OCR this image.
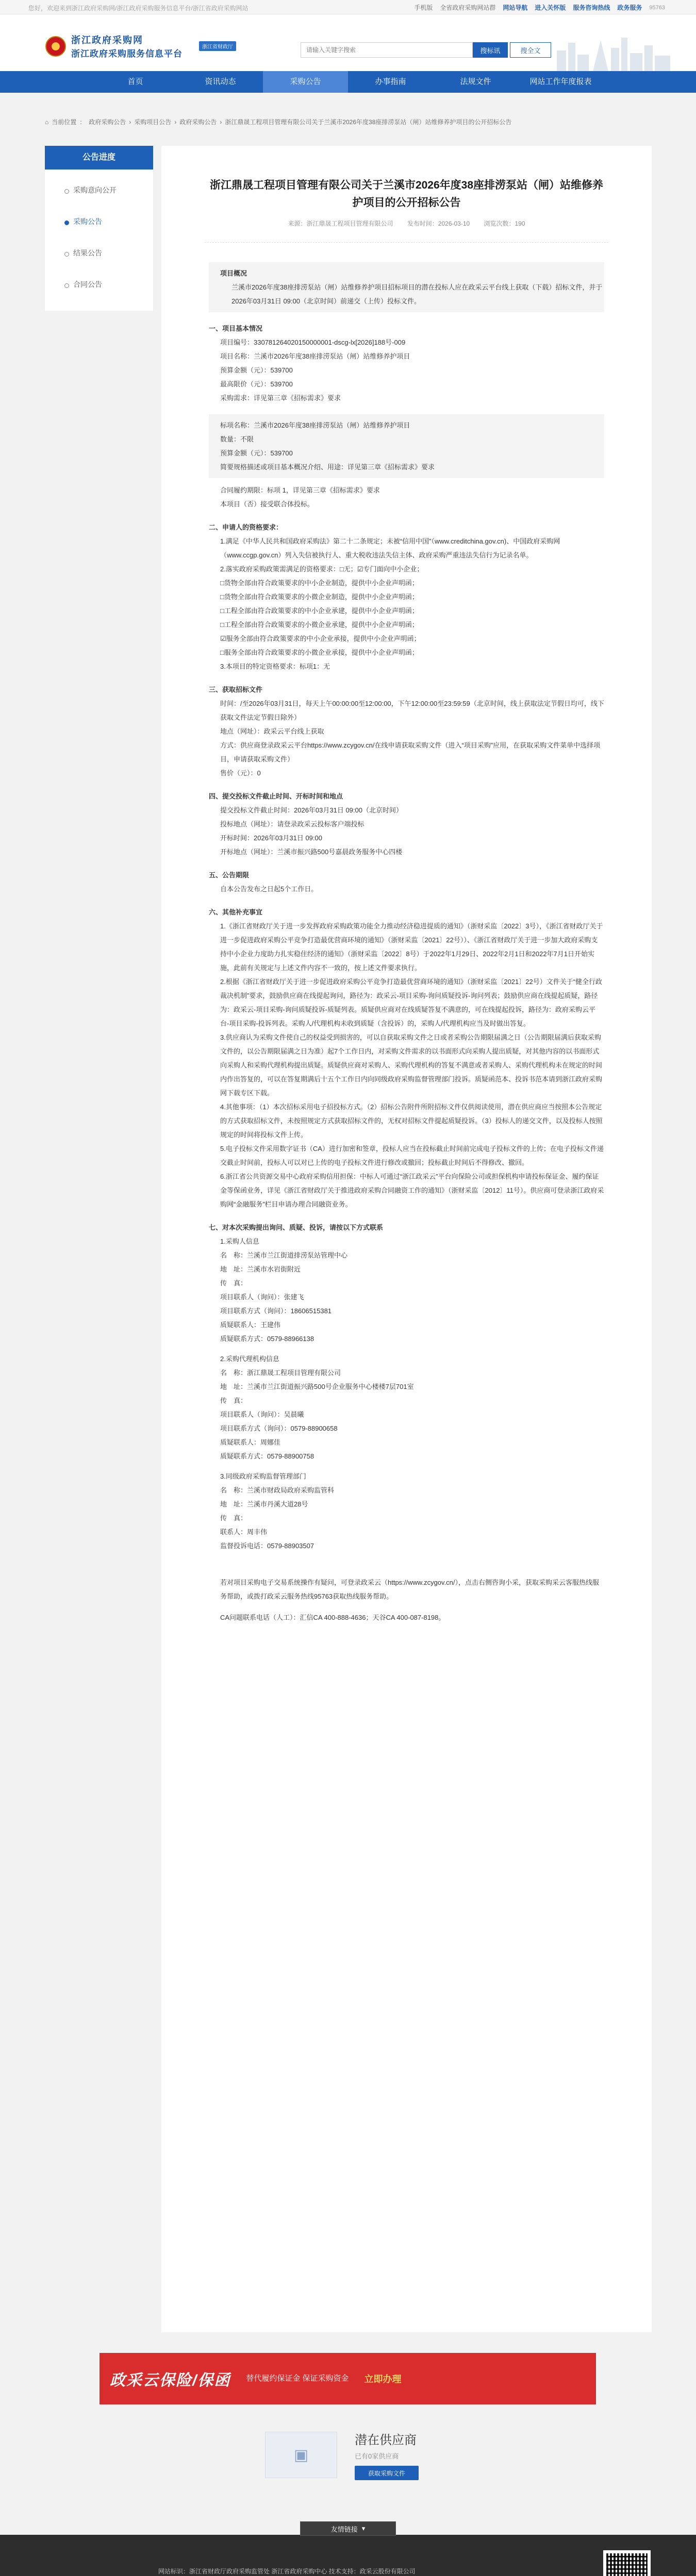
您好，欢迎来到浙江政府采购网/浙江政府采购服务信息平台/浙江省政府采购网站	手机版 全省政府采购网站群 网站导航 进入关怀版 服务咨询热线 政务服务 95763
浙江政府采购网
浙江政府采购服务信息平台
浙江省财政厅
请输入关键字搜索	搜标讯	搜全文
首页	资讯动态	采购公告	办事指南	法规文件	网站工作年度报表
⌂ 当前位置 ： 政府采购公告 › 采购项目公告 › 政府采购公告 › 浙江鼎晟工程项目管理有限公司关于兰溪市2026年度38座排涝泵站（闸）站维修养护项目的公开招标公告
公告进度
采购意向公开
采购公告
结果公告
合同公告
浙江鼎晟工程项目管理有限公司关于兰溪市2026年度38座排涝泵站（闸）站维修养护项目的公开招标公告
来源：浙江鼎晟工程项目管理有限公司 发布时间：2026-03-10 浏览次数：190

项目概况

兰溪市2026年度38座排涝泵站（闸）站维修养护项目招标项目的潜在投标人应在政采云平台线上获取（下载）招标文件，并于2026年03月31日 09:00（北京时间）前递交（上传）投标文件。

一、项目基本情况

项目编号：330781264020150000001-dscg-lx[2026]188号-009

项目名称：兰溪市2026年度38座排涝泵站（闸）站维修养护项目

预算金额（元）：539700

最高限价（元）：539700

采购需求：详见第三章《招标需求》要求

标项名称：兰溪市2026年度38座排涝泵站（闸）站维修养护项目

数量：不限

预算金额（元）：539700

简要规格描述或项目基本概况介绍、用途：详见第三章《招标需求》要求

合同履约期限：标项 1，详见第三章《招标需求》要求

本项目（否）接受联合体投标。

二、申请人的资格要求：

1.满足《中华人民共和国政府采购法》第二十二条规定；未被“信用中国”（www.creditchina.gov.cn)、中国政府采购网（www.ccgp.gov.cn）列入失信被执行人、重大税收违法失信主体、政府采购严重违法失信行为记录名单。

2.落实政府采购政策需满足的资格要求：□无；☑专门面向中小企业；

□货物全部由符合政策要求的中小企业制造，提供中小企业声明函；

□货物全部由符合政策要求的小微企业制造，提供中小企业声明函；

□工程全部由符合政策要求的中小企业承建，提供中小企业声明函；

□工程全部由符合政策要求的小微企业承建，提供中小企业声明函；

☑服务全部由符合政策要求的中小企业承接，提供中小企业声明函；

□服务全部由符合政策要求的小微企业承接，提供中小企业声明函；

3.本项目的特定资格要求：标项1：无

三、获取招标文件

时间：/至2026年03月31日，每天上午00:00:00至12:00:00，下午12:00:00至23:59:59（北京时间，线上获取法定节假日均可，线下获取文件法定节假日除外）

地点（网址）：政采云平台线上获取

方式：供应商登录政采云平台https://www.zcygov.cn/在线申请获取采购文件（进入“项目采购”应用，在获取采购文件菜单中选择项目，申请获取采购文件）

售价（元）：0

四、提交投标文件截止时间、开标时间和地点

提交投标文件截止时间：2026年03月31日 09:00（北京时间）

投标地点（网址）：请登录政采云投标客户端投标

开标时间：2026年03月31日 09:00

开标地点（网址）：兰溪市振兴路500号嘉晨政务服务中心四楼

五、公告期限

自本公告发布之日起5个工作日。

六、其他补充事宜

1.《浙江省财政厅关于进一步发挥政府采购政策功能全力推动经济稳进提质的通知》（浙财采监〔2022〕3号），《浙江省财政厅关于进一步促进政府采购公平竞争打造最优营商环境的通知》（浙财采监〔2021〕22号））、《浙江省财政厅关于进一步加大政府采购支持中小企业力度助力扎实稳住经济的通知》（浙财采监〔2022〕8号）于2022年1月29日、2022年2月1日和2022年7月1日开始实施，此前有关规定与上述文件内容不一致的，按上述文件要求执行。

2.根据《浙江省财政厅关于进一步促进政府采购公平竞争打造最优营商环境的通知》（浙财采监〔2021〕22号）文件关于“健全行政裁决机制”要求，鼓励供应商在线提起询问，路径为：政采云-项目采购-询问质疑投诉-询问列表；鼓励供应商在线提起质疑，路径为：政采云-项目采购-询问质疑投诉-质疑列表。质疑供应商对在线质疑答复不满意的，可在线提起投诉，路径为：政府采购云平台-项目采购-投诉列表。采购人/代理机构未收到质疑（含投诉）的，采购人/代理机构应当及时做出答复。

3.供应商认为采购文件使自己的权益受到损害的，可以自获取采购文件之日或者采购公告期限届满之日（公告期限届满后获取采购文件的，以公告期限届满之日为准）起7个工作日内，对采购文件需求的以书面形式向采购人提出质疑，对其他内容的以书面形式向采购人和采购代理机构提出质疑。质疑供应商对采购人、采购代理机构的答复不满意或者采购人、采购代理机构未在规定的时间内作出答复的，可以在答复期满后十五个工作日内向同级政府采购监督管理部门投诉。质疑函范本、投诉书范本请到浙江政府采购网下载专区下载。

4.其他事项：（1）本次招标采用电子招投标方式。（2）招标公告附件所附招标文件仅供阅读使用，潜在供应商应当按照本公告规定的方式获取招标文件，未按照规定方式获取招标文件的，无权对招标文件提起质疑投诉。（3）投标人的递交文件，以及投标人按照规定的时间将投标文件上传。

5.电子投标文件采用数字证书（CA）进行加密和签章，投标人应当在投标截止时间前完成电子投标文件的上传；在电子投标文件递交截止时间前，投标人可以对已上传的电子投标文件进行修改或撤回；投标截止时间后不得修改、撤回。

6.浙江省公共资源交易中心政府采购信用担保：中标人可通过“浙江政采云”平台向保险公司或担保机构申请投标保证金、履约保证金等保函业务，详见《浙江省财政厅关于推进政府采购合同融资工作的通知》（浙财采监〔2012〕11号）。供应商可登录浙江政府采购网“金融服务”栏目申请办理合同融资业务。

七、对本次采购提出询问、质疑、投诉，请按以下方式联系

1.采购人信息

名　称：兰溪市兰江街道排涝泵站管理中心

地　址：兰溪市水岩街附近

传　真：

项目联系人（询问）：张建飞

项目联系方式（询问）：18606515381

质疑联系人：王建伟

质疑联系方式：0579-88966138

2.采购代理机构信息

名　称：浙江鼎晟工程项目管理有限公司

地　址：兰溪市兰江街道振兴路500号企业服务中心楼楼7层701室

传　真：

项目联系人（询问）：吴晨曦

项目联系方式（询问）：0579-88900658

质疑联系人：周娜佳

质疑联系方式：0579-88900758

3.同级政府采购监督管理部门

名　称：兰溪市财政局政府采购监管科

地　址：兰溪市丹溪大道28号

传　真：

联系人：周丰伟

监督投诉电话：0579-88903507

若对项目采购电子交易系统操作有疑问，可登录政采云（https://www.zcygov.cn/），点击右侧咨询小采，获取采购采云客服热线服务帮助，或拨打政采云服务热线95763获取热线服务帮助。

CA问题联系电话（人工）：汇信CA 400-888-4636；天谷CA 400-087-8198。

政采云保险/保函 替代履约保证金 保证采购资金 立即办理
▣
潜在供应商
已有0家供应商
获取采购文件

网站标识：浙江省财政厅政府采购监管处 浙江省政府采购中心 技术支持：政采云股份有限公司

友情链接 ▾
